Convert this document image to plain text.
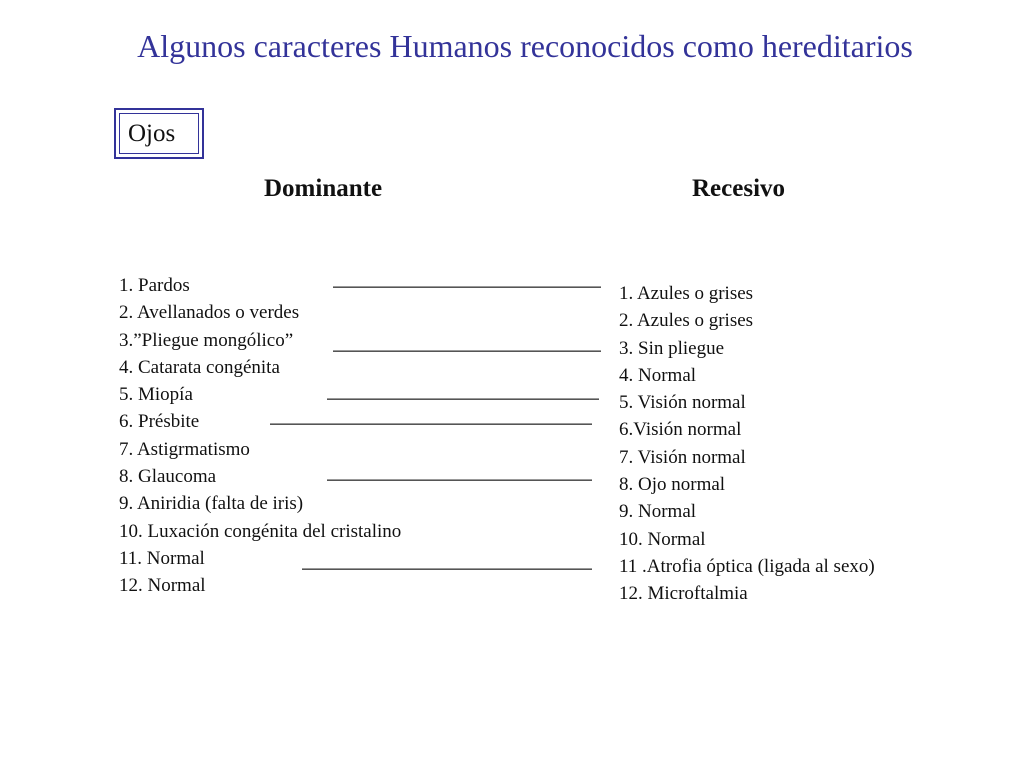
Algunos caracteres Humanos reconocidos como hereditarios
Ojos
Dominante	Recesivo
1. Pardos
2. Avellanados o verdes
3.”Pliegue mongólico”
4. Catarata congénita
5. Miopía
6. Présbite
7. Astigrmatismo
8. Glaucoma
9. Aniridia (falta de iris)
10. Luxación congénita del cristalino
11. Normal
12. Normal
1. Azules o grises
2. Azules o grises
3. Sin pliegue
4. Normal
5. Visión normal
6.Visión normal
7. Visión normal
8. Ojo normal
9. Normal
10. Normal
11 .Atrofia óptica (ligada al sexo)
12. Microftalmia
